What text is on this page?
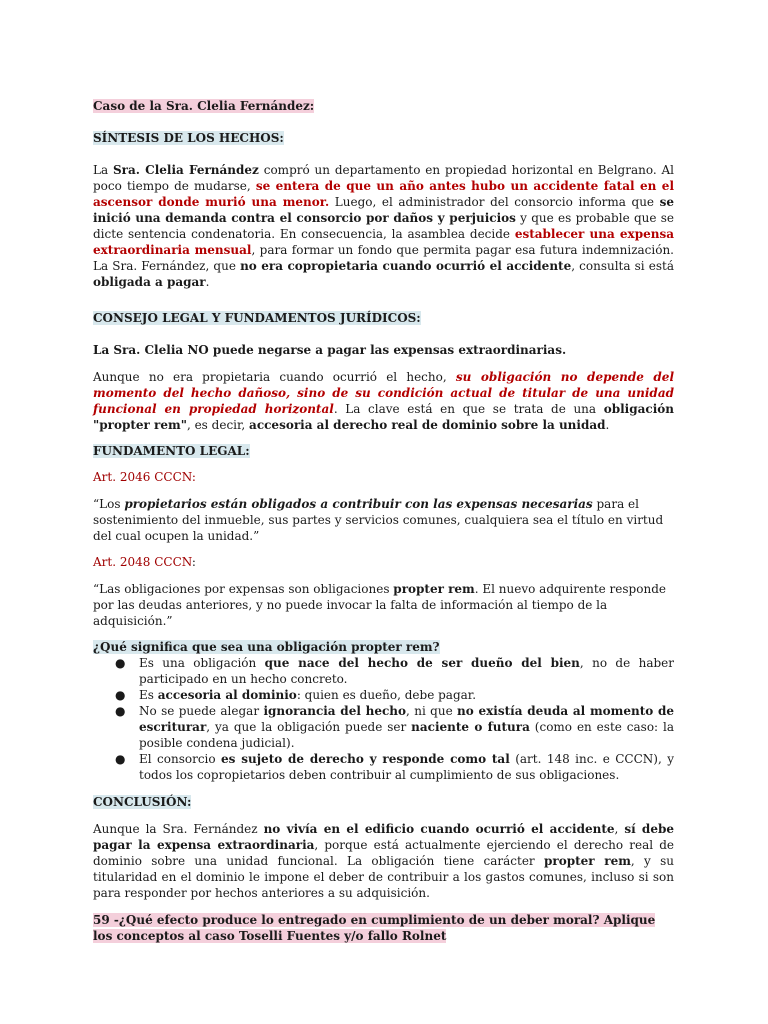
Caso de la Sra. Clelia Fernández:

SÍNTESIS DE LOS HECHOS:

La Sra. Clelia Fernández compró un departamento en propiedad horizontal en Belgrano. Al poco tiempo de mudarse, se entera de que un año antes hubo un accidente fatal en el ascensor donde murió una menor. Luego, el administrador del consorcio informa que se inició una demanda contra el consorcio por daños y perjuicios y que es probable que se dicte sentencia condenatoria. En consecuencia, la asamblea decide establecer una expensa extraordinaria mensual, para formar un fondo que permita pagar esa futura indemnización. La Sra. Fernández, que no era copropietaria cuando ocurrió el accidente, consulta si está obligada a pagar.

CONSEJO LEGAL Y FUNDAMENTOS JURÍDICOS:

La Sra. Clelia NO puede negarse a pagar las expensas extraordinarias.

Aunque no era propietaria cuando ocurrió el hecho, su obligación no depende del momento del hecho dañoso, sino de su condición actual de titular de una unidad funcional en propiedad horizontal. La clave está en que se trata de una obligación "propter rem", es decir, accesoria al derecho real de dominio sobre la unidad.

FUNDAMENTO LEGAL:

Art. 2046 CCCN:

“Los propietarios están obligados a contribuir con las expensas necesarias para el sostenimiento del inmueble, sus partes y servicios comunes, cualquiera sea el título en virtud del cual ocupen la unidad.”

Art. 2048 CCCN:

“Las obligaciones por expensas son obligaciones propter rem. El nuevo adquirente responde por las deudas anteriores, y no puede invocar la falta de información al tiempo de la adquisición.”

¿Qué significa que sea una obligación propter rem?

● Es una obligación que nace del hecho de ser dueño del bien, no de haber participado en un hecho concreto.
● Es accesoria al dominio: quien es dueño, debe pagar.
● No se puede alegar ignorancia del hecho, ni que no existía deuda al momento de escriturar, ya que la obligación puede ser naciente o futura (como en este caso: la posible condena judicial).
● El consorcio es sujeto de derecho y responde como tal (art. 148 inc. e CCCN), y todos los copropietarios deben contribuir al cumplimiento de sus obligaciones.

CONCLUSIÓN:

Aunque la Sra. Fernández no vivía en el edificio cuando ocurrió el accidente, sí debe pagar la expensa extraordinaria, porque está actualmente ejerciendo el derecho real de dominio sobre una unidad funcional. La obligación tiene carácter propter rem, y su titularidad en el dominio le impone el deber de contribuir a los gastos comunes, incluso si son para responder por hechos anteriores a su adquisición.

59 -¿Qué efecto produce lo entregado en cumplimiento de un deber moral? Aplique los conceptos al caso Toselli Fuentes y/o fallo Rolnet
